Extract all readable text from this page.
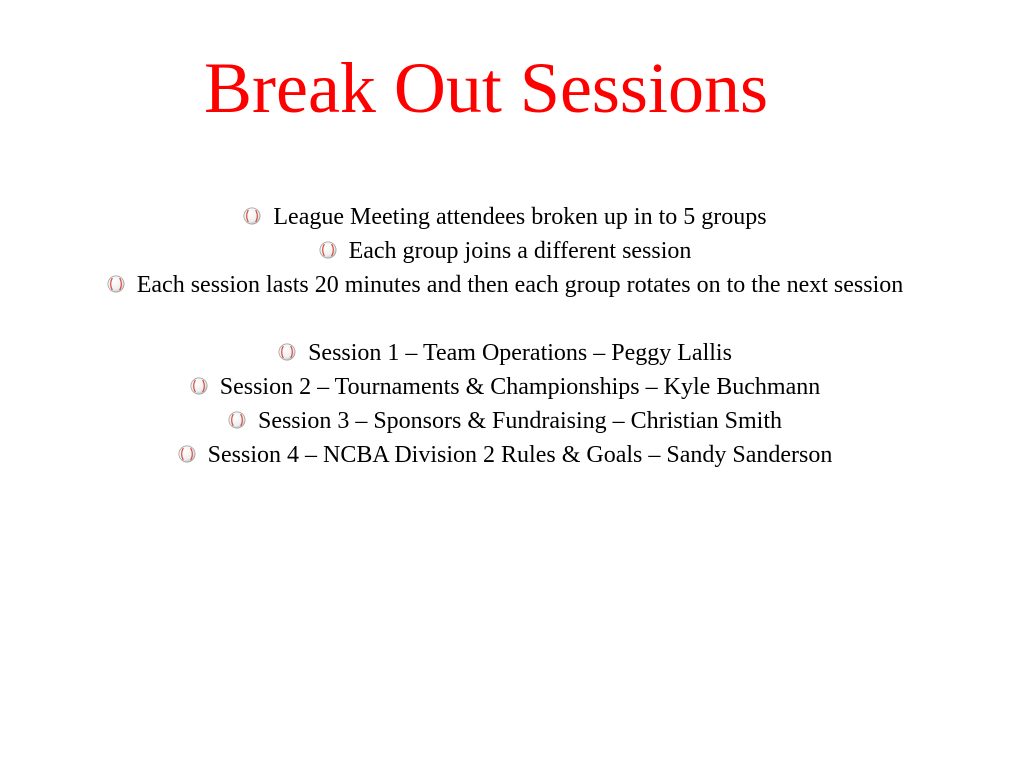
Break Out Sessions
League Meeting attendees broken up in to 5 groups
Each group joins a different session
Each session lasts 20 minutes and then each group rotates on to the next session
Session 1 – Team Operations – Peggy Lallis
Session 2 – Tournaments & Championships – Kyle Buchmann
Session 3 – Sponsors & Fundraising – Christian Smith
Session 4 – NCBA Division 2 Rules & Goals – Sandy Sanderson
